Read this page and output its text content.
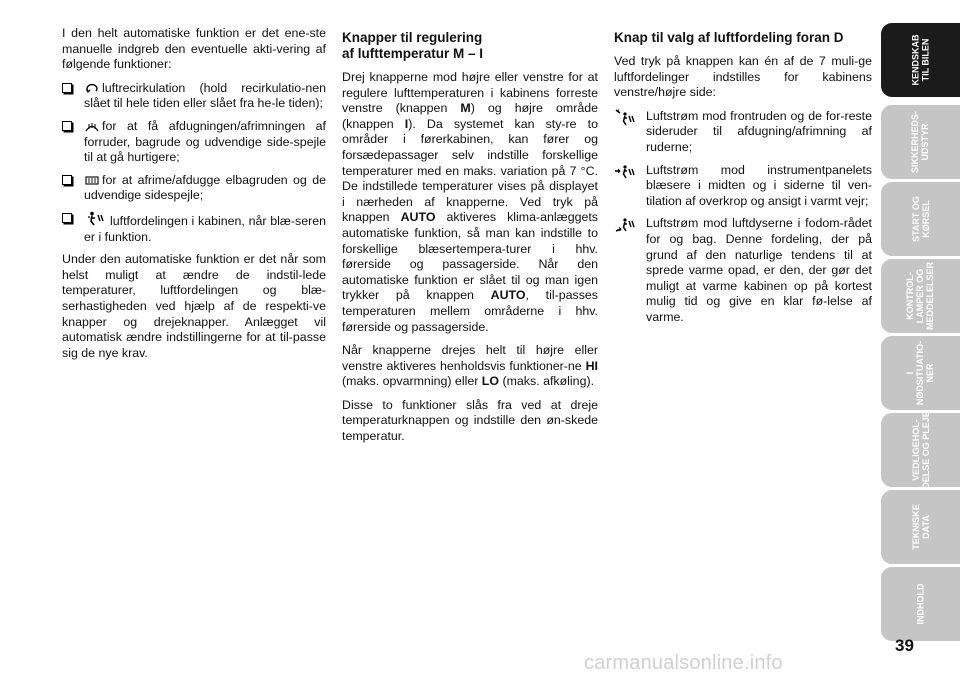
I den helt automatiske funktion er det ene-ste manuelle indgreb den eventuelle akti-vering af følgende funktioner:

luftrecirkulation (hold recirkulatio-nen slået til hele tiden eller slået fra he-le tiden);
for at få afdugningen/afrimningen af forruder, bagrude og udvendige side-spejle til at gå hurtigere;
for at afrime/afdugge elbagruden og de udvendige sidespejle;
luftfordelingen i kabinen, når blæ-seren er i funktion.

Under den automatiske funktion er det når som helst muligt at ændre de indstil-lede temperaturer, luftfordelingen og blæ-serhastigheden ved hjælp af de respekti-ve knapper og drejeknapper. Anlægget vil automatisk ændre indstillingerne for at til-passe sig de nye krav.

Knapper til regulering
af lufttemperatur M – I

Drej knapperne mod højre eller venstre for at regulere lufttemperaturen i kabinens forreste venstre (knappen M) og højre område (knappen I). Da systemet kan sty-re to områder i førerkabinen, kan fører og forsædepassager selv indstille forskellige temperaturer med en maks. variation på 7 °C. De indstillede temperaturer vises på displayet i nærheden af knapperne. Ved tryk på knappen AUTO aktiveres klima-anlæggets automatiske funktion, så man kan indstille to forskellige blæsertempera-turer i hhv. førerside og passagerside. Når den automatiske funktion er slået til og man igen trykker på knappen AUTO, til-passes temperaturen mellem områderne i hhv. førerside og passagerside.

Når knapperne drejes helt til højre eller venstre aktiveres henholdsvis funktioner-ne HI (maks. opvarmning) eller LO (maks. afkøling).

Disse to funktioner slås fra ved at dreje temperaturknappen og indstille den øn-skede temperatur.

Knap til valg af luftfordeling foran D

Ved tryk på knappen kan én af de 7 muli-ge luftfordelinger indstilles for kabinens venstre/højre side:

Luftstrøm mod frontruden og de for-reste sideruder til afdugning/afrimning af ruderne;
Luftstrøm mod instrumentpanelets blæsere i midten og i siderne til ven-tilation af overkrop og ansigt i varmt vejr;
Luftstrøm mod luftdyserne i fodom-rådet for og bag. Denne fordeling, der på grund af den naturlige tendens til at sprede varme opad, er den, der gør det muligt at varme kabinen op på kortest mulig tid og give en klar fø-lelse af varme.
KENDSKAB
TIL BILEN
SIKKERHEDS-
UDSTYR
START OG
KØRSEL
KONTROL-
LAMPER OG
MEDDELELSER
I
NØDSITUATIO-
NER
VEDLIGEHOL-
DELSE OG PLEJE
TEKNISKE
DATA
INDHOLD
39
carmanualsonline.info
